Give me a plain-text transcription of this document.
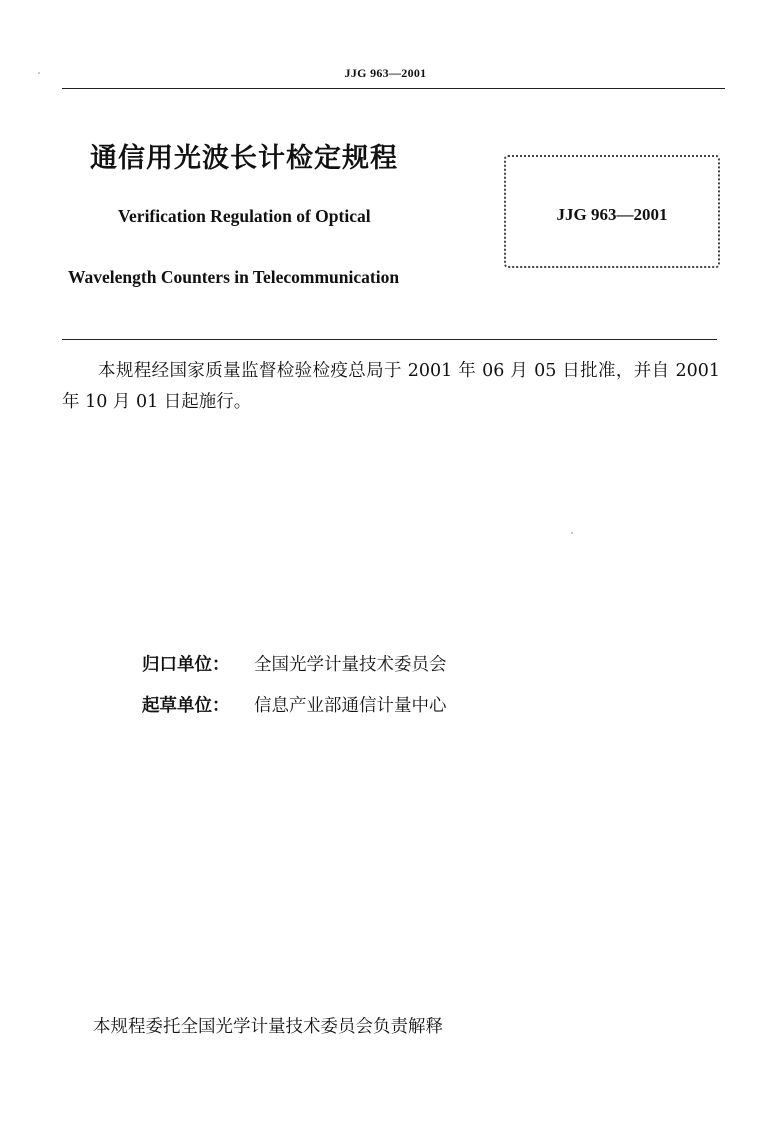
JJG 963—2001
通信用光波长计检定规程
Verification Regulation of Optical
Wavelength Counters in Telecommunication
JJG 963—2001
本规程经国家质量监督检验检疫总局于 2001 年 06 月 05 日批准，并自 2001 年 10 月 01 日起施行。
归口单位： 全国光学计量技术委员会
起草单位： 信息产业部通信计量中心
本规程委托全国光学计量技术委员会负责解释
